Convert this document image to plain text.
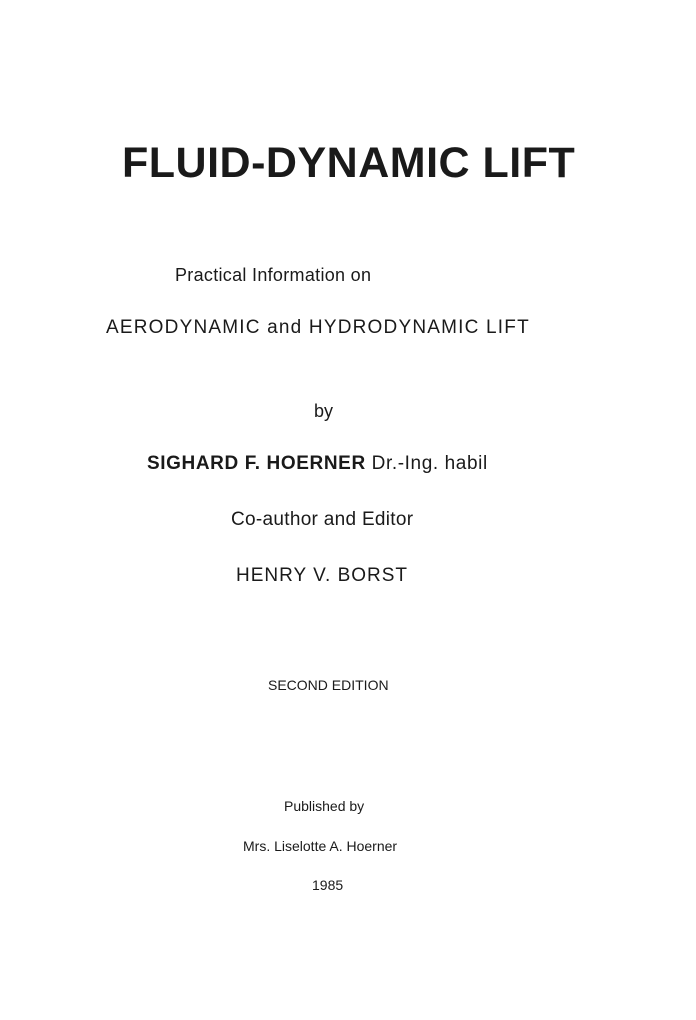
FLUID-DYNAMIC LIFT

Practical Information on

AERODYNAMIC and HYDRODYNAMIC LIFT

by

SIGHARD F. HOERNER Dr.-Ing. habil

Co-author and Editor

HENRY V. BORST

SECOND EDITION

Published by

Mrs. Liselotte A. Hoerner

1985
